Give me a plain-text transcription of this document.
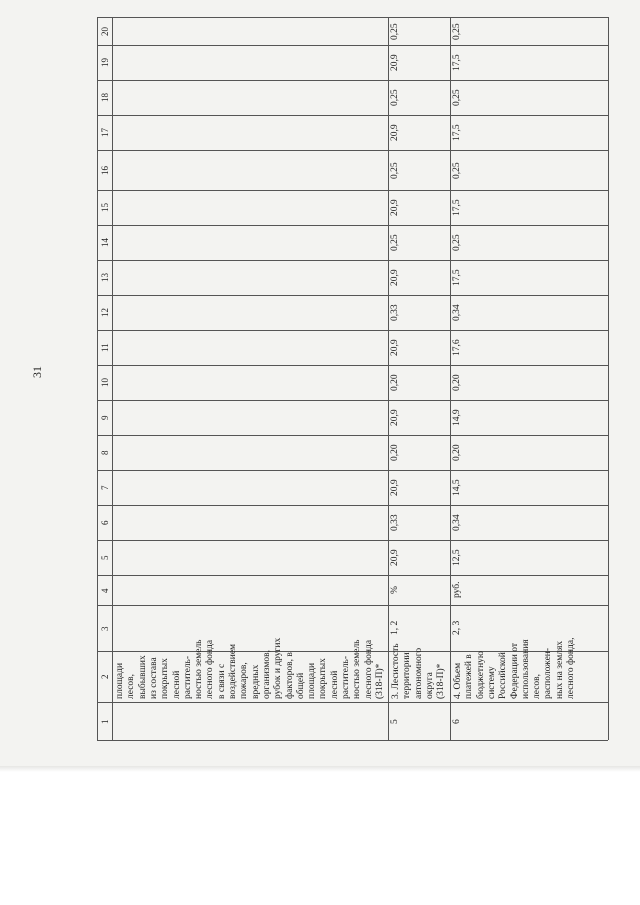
31
1
2
3
4
5
6
7
8
9
10
11
12
13
14
15
16
17
18
19
20
площади лесов, выбывших из состава покрытых лесной раститель- ностью земель лесного фонда в связи с воздействием пожаров, вредных организмов, рубок и других факторов, в общей площади покрытых лесной раститель- ностью земель лесного фонда (318-П)*
5
3. Лесистость территории автономного округа (318-П)*
1, 2
%
20,9
0,33
20,9
0,20
20,9
0,20
20,9
0,33
20,9
0,25
20,9
0,25
20,9
0,25
20,9
0,25
6
4. Объем платежей в бюджетную систему Российской Федерации от использования лесов, расположен- ных на землях лесного фонда,
2, 3
руб.
12,5
0,34
14,5
0,20
14,9
0,20
17,6
0,34
17,5
0,25
17,5
0,25
17,5
0,25
17,5
0,25
